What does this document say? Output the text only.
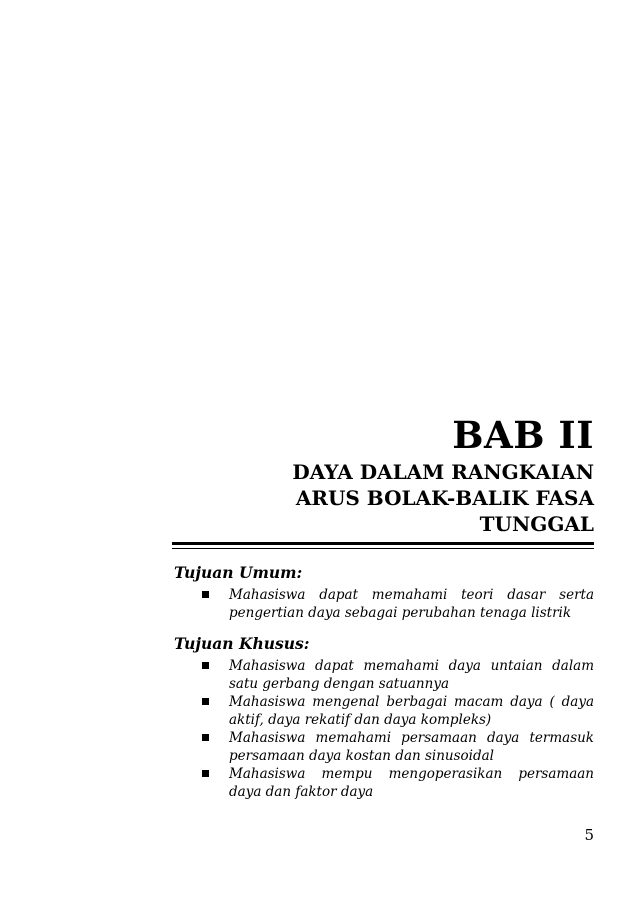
BAB II
DAYA DALAM RANGKAIAN
ARUS BOLAK-BALIK FASA
TUNGGAL
Tujuan Umum:
Mahasiswa dapat memahami teori dasar serta pengertian daya sebagai perubahan tenaga listrik
Tujuan Khusus:
Mahasiswa dapat memahami daya untaian dalam satu gerbang dengan satuannya
Mahasiswa mengenal berbagai macam daya ( daya aktif, daya rekatif dan daya kompleks)
Mahasiswa memahami persamaan daya termasuk persamaan daya kostan dan sinusoidal
Mahasiswa mempu mengoperasikan persamaan daya dan faktor daya
5
